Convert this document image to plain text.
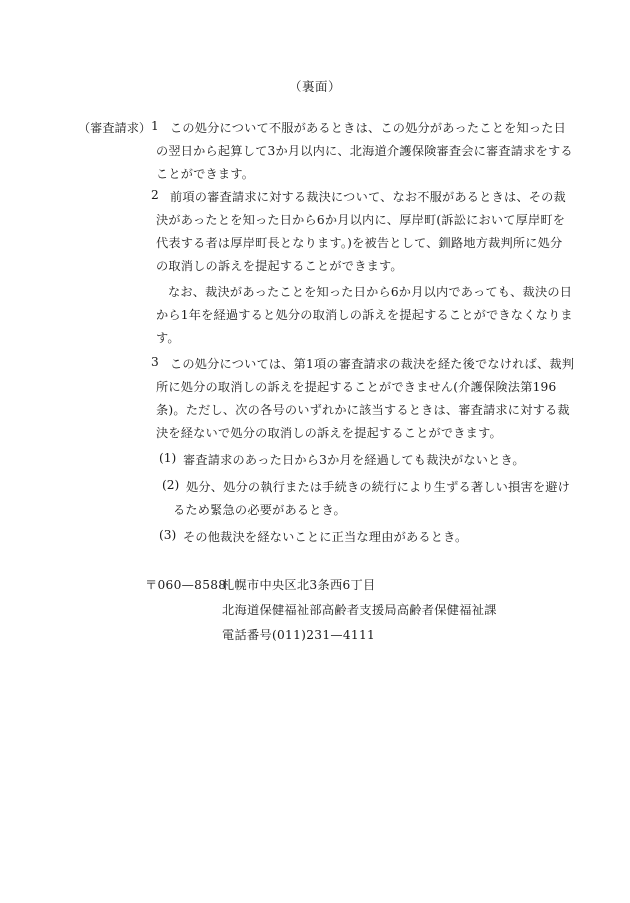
（裏面）
（審査請求） 1 この処分について不服があるときは、この処分があったことを知った日
の翌日から起算して3か月以内に、北海道介護保険審査会に審査請求をする
ことができます。
2 前項の審査請求に対する裁決について、なお不服があるときは、その裁
決があったとを知った日から6か月以内に、厚岸町(訴訟において厚岸町を
代表する者は厚岸町長となります。)を被告として、釧路地方裁判所に処分
の取消しの訴えを提起することができます。
なお、裁決があったことを知った日から6か月以内であっても、裁決の日
から1年を経過すると処分の取消しの訴えを提起することができなくなりま
す。
3 この処分については、第1項の審査請求の裁決を経た後でなければ、裁判
所に処分の取消しの訴えを提起することができません(介護保険法第196
条)。ただし、次の各号のいずれかに該当するときは、審査請求に対する裁
決を経ないで処分の取消しの訴えを提起することができます。
(1) 審査請求のあった日から3か月を経過しても裁決がないとき。
(2) 処分、処分の執行または手続きの続行により生ずる著しい損害を避け
るため緊急の必要があるとき。
(3) その他裁決を経ないことに正当な理由があるとき。
〒060—8588
札幌市中央区北3条西6丁目
北海道保健福祉部高齢者支援局高齢者保健福祉課
電話番号(011)231—4111
